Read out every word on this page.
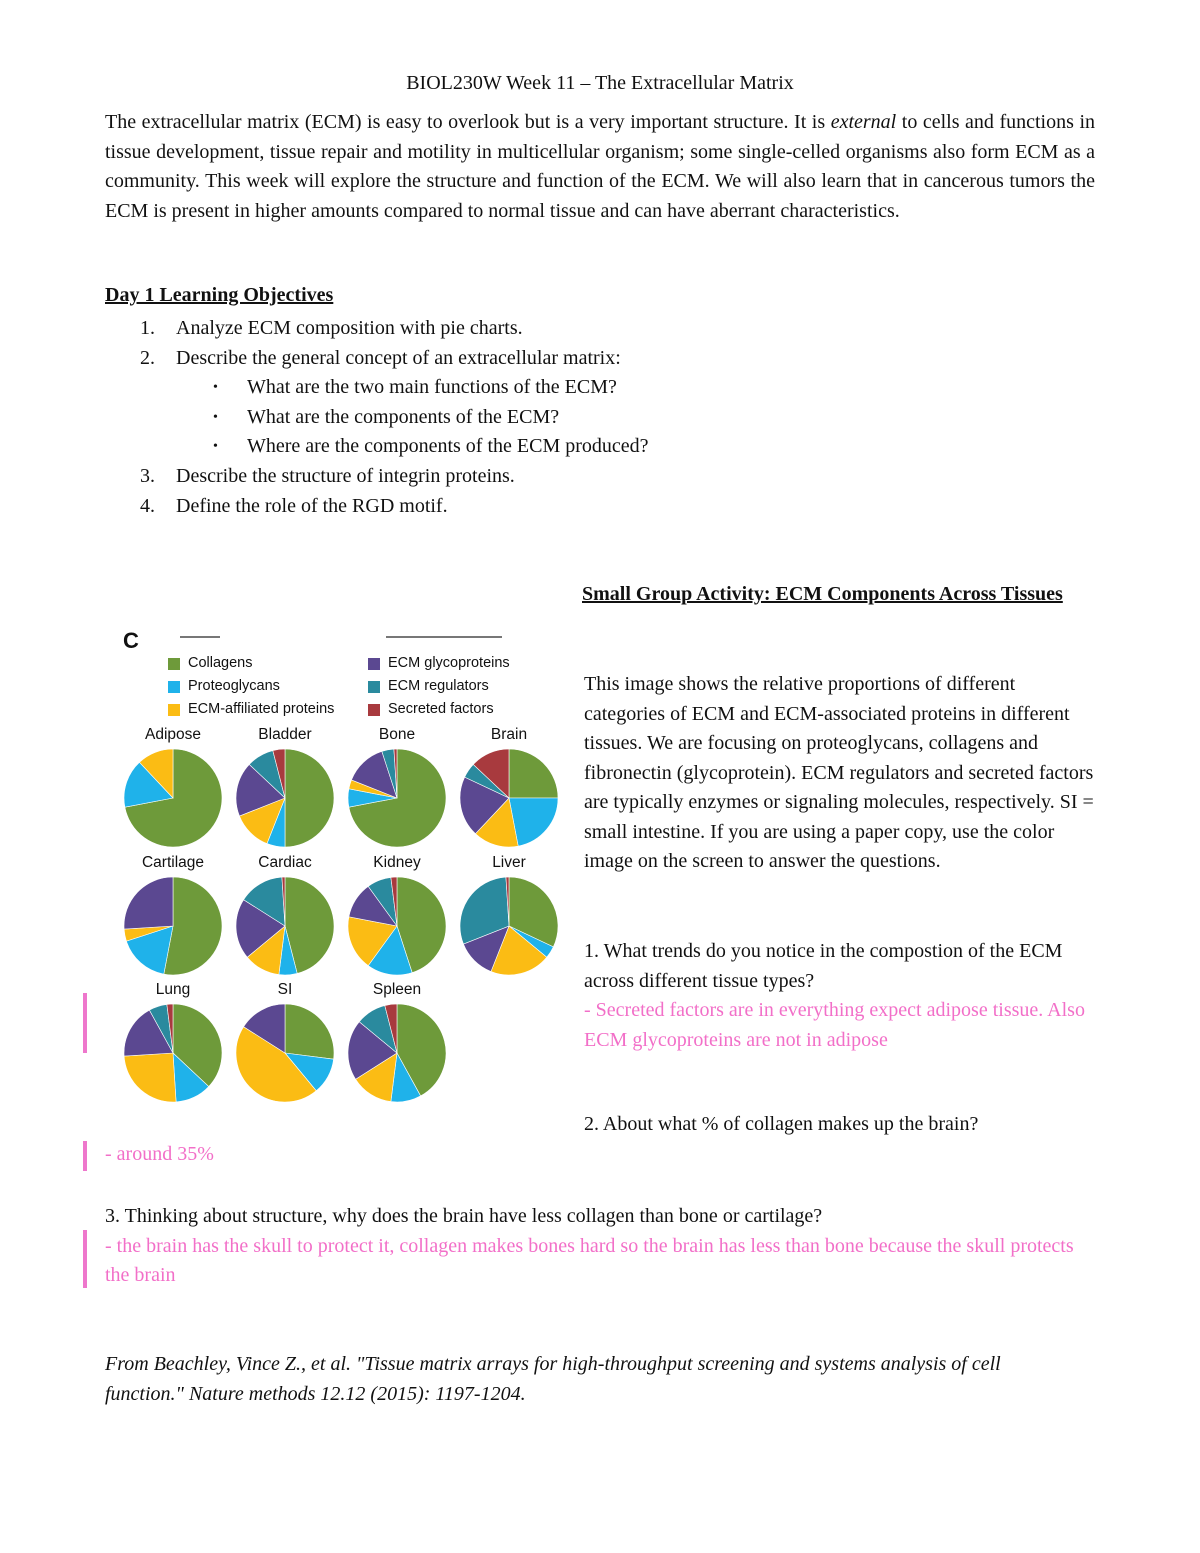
BIOL230W Week 11 – The Extracellular Matrix

The extracellular matrix (ECM) is easy to overlook but is a very important structure. It is external to cells and functions in tissue development, tissue repair and motility in multicellular organism; some single-celled organisms also form ECM as a community. This week will explore the structure and function of the ECM. We will also learn that in cancerous tumors the ECM is present in higher amounts compared to normal tissue and can have aberrant characteristics.

Day 1 Learning Objectives
1.	Analyze ECM composition with pie charts.
2.	Describe the general concept of an extracellular matrix:
• What are the two main functions of the ECM?
• What are the components of the ECM?
• Where are the components of the ECM produced?
3.	Describe the structure of integrin proteins.
4.	Define the role of the RGD motif.
C
Collagens
Proteoglycans
ECM-affiliated proteins
ECM glycoproteins
ECM regulators
Secreted factors
Adipose	Bladder	Bone	Brain
Cartilage	Cardiac	Kidney	Liver
Lung	SI	Spleen
Small Group Activity: ECM Components Across Tissues

This image shows the relative proportions of different categories of ECM and ECM-associated proteins in different tissues. We are focusing on proteoglycans, collagens and fibronectin (glycoprotein). ECM regulators and secreted factors are typically enzymes or signaling molecules, respectively. SI = small intestine. If you are using a paper copy, use the color image on the screen to answer the questions.

1. What trends do you notice in the compostion of the ECM across different tissue types?
- Secreted factors are in everything expect adipose tissue. Also ECM glycoproteins are not in adipose
2. About what % of collagen makes up the brain?
- around 35%
3. Thinking about structure, why does the brain have less collagen than bone or cartilage?
- the brain has the skull to protect it, collagen makes bones hard so the brain has less than bone because the skull protects the brain

From Beachley, Vince Z., et al. "Tissue matrix arrays for high-throughput screening and systems analysis of cell function." Nature methods 12.12 (2015): 1197-1204.
